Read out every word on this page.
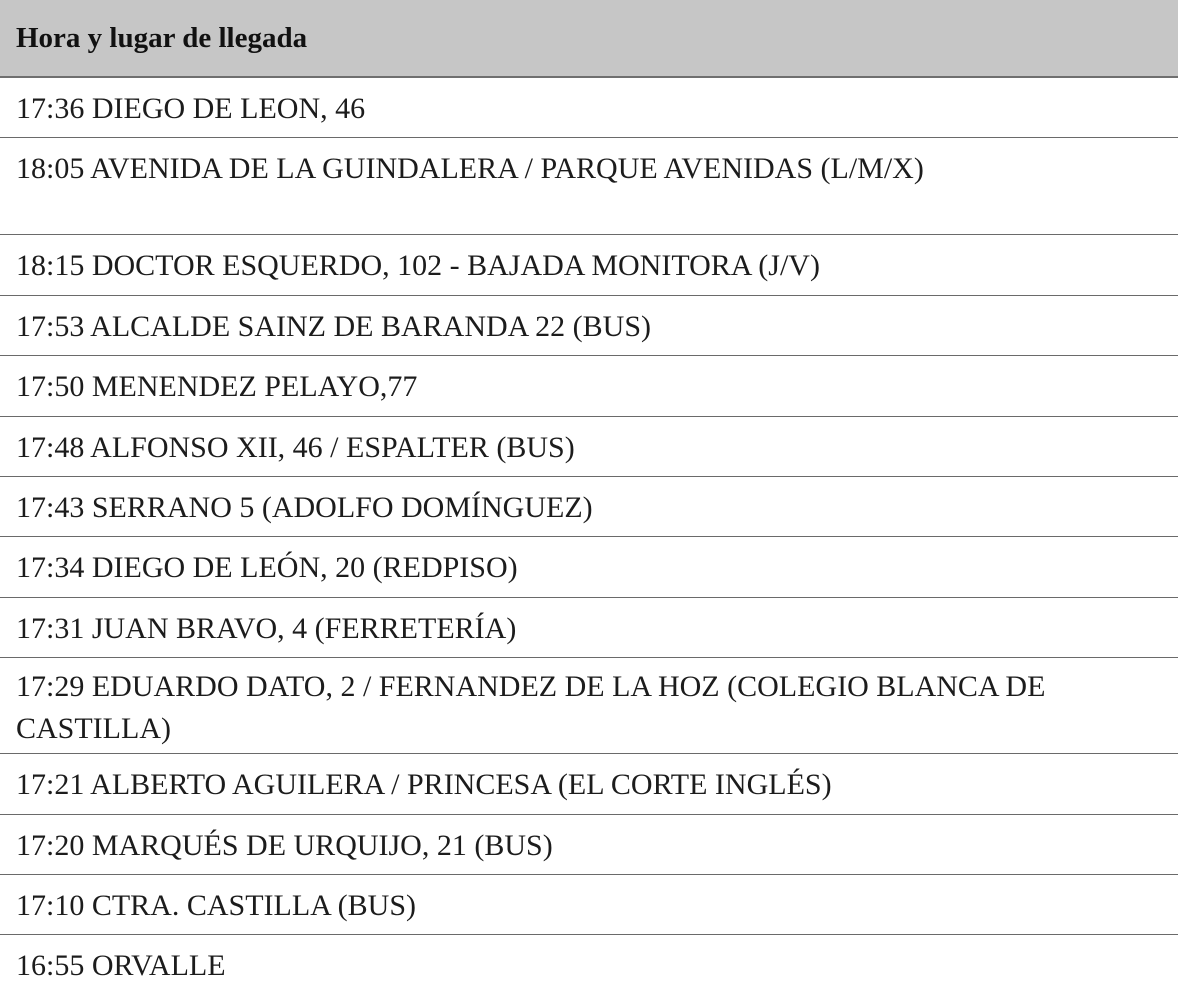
Hora y lugar de llegada
17:36 DIEGO DE LEON, 46
18:05 AVENIDA DE LA GUINDALERA / PARQUE AVENIDAS (L/M/X)
18:15 DOCTOR ESQUERDO, 102 - BAJADA MONITORA (J/V)
17:53 ALCALDE SAINZ DE BARANDA 22 (BUS)
17:50 MENENDEZ PELAYO,77
17:48 ALFONSO XII, 46 / ESPALTER (BUS)
17:43 SERRANO 5 (ADOLFO DOMÍNGUEZ)
17:34 DIEGO DE LEÓN, 20 (REDPISO)
17:31 JUAN BRAVO, 4 (FERRETERÍA)
17:29 EDUARDO DATO, 2 / FERNANDEZ DE LA HOZ (COLEGIO BLANCA DE CASTILLA)
17:21 ALBERTO AGUILERA / PRINCESA (EL CORTE INGLÉS)
17:20 MARQUÉS DE URQUIJO, 21 (BUS)
17:10 CTRA. CASTILLA (BUS)
16:55 ORVALLE
